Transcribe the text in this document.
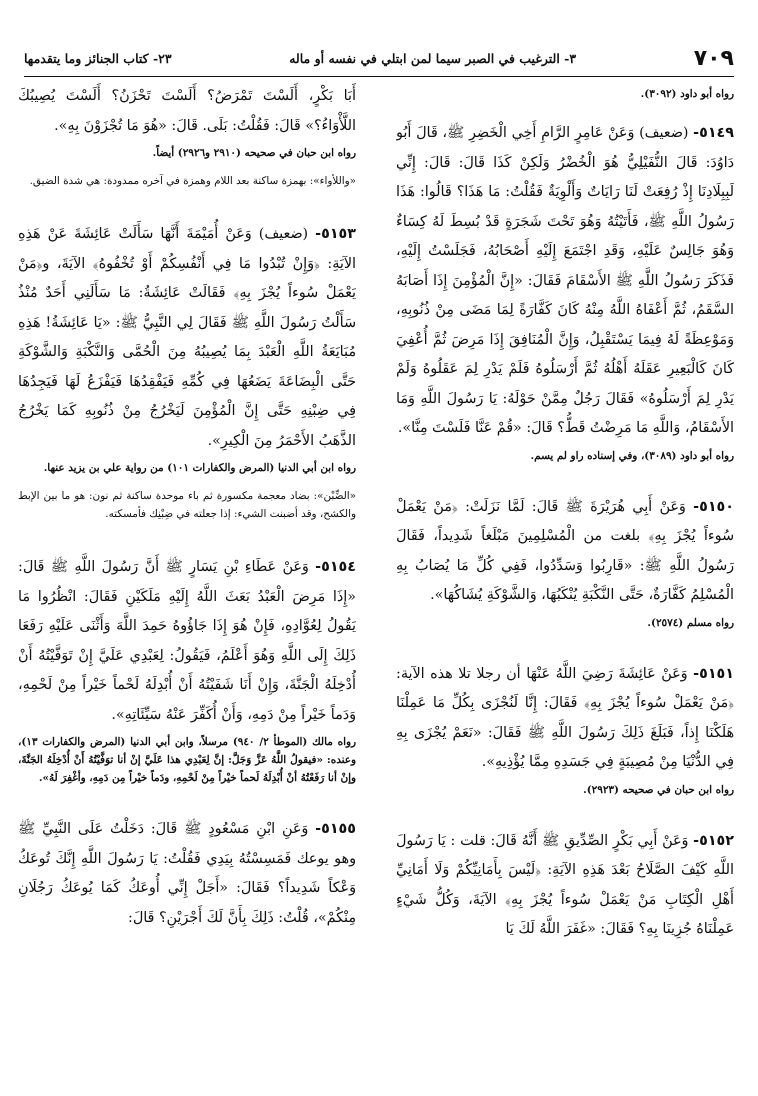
٧٠٩
٣- الترغيب في الصبر سيما لمن ابتلي في نفسه أو ماله
٢٣- كتاب الجنائز وما يتقدمها

رواه أبو داود (٣٠٩٢).

٥١٤٩- (ضعيف) وَعَنْ عَامِرٍ الرَّامِ أَخِي الْخَضِرِ ﷺ، قَالَ أَبُو دَاوُدَ: قَالَ النُّفَيْلِيُّ هُوَ الْخُضْرُ وَلَكِنْ كَذَا قَالَ: قَالَ: إِنِّي لَبِبِلَادِنَا إِذْ رُفِعَتْ لَنَا رَايَاتٌ وَأَلْوِيَةٌ فَقُلْتُ: مَا هَذَا؟ قَالُوا: هَذَا رَسُولُ اللَّهِ ﷺ، فَأَتَيْتُهُ وَهُوَ تَحْتَ شَجَرَةٍ قَدْ بُسِطَ لَهُ كِسَاءٌ وَهُوَ جَالِسٌ عَلَيْهِ، وَقَدِ اجْتَمَعَ إِلَيْهِ أَصْحَابُهُ، فَجَلَسْتُ إِلَيْهِ، فَذَكَرَ رَسُولُ اللَّهِ ﷺ الأَسْقَامَ فَقَالَ: «إِنَّ الْمُؤْمِنَ إِذَا أَصَابَهُ السَّقَمُ، ثُمَّ أَعْفَاهُ اللَّهُ مِنْهُ كَانَ كَفَّارَةً لِمَا مَضَى مِنْ ذُنُوبِهِ، وَمَوْعِظَةً لَهُ فِيمَا يَسْتَقْبِلُ، وَإِنَّ الْمُنَافِقَ إِذَا مَرِضَ ثُمَّ أُعْفِيَ كَانَ كَالْبَعِيرِ عَقَلَهُ أَهْلُهُ ثُمَّ أَرْسَلُوهُ فَلَمْ يَدْرِ لِمَ عَقَلُوهُ وَلَمْ يَدْرِ لِمَ أَرْسَلُوهُ» فَقَالَ رَجُلٌ مِمَّنْ حَوْلَهُ: يَا رَسُولَ اللَّهِ وَمَا الأَسْقَامُ، وَاللَّهِ مَا مَرِضْتُ قَطُّ؟ قَالَ: «قُمْ عَنَّا فَلَسْتَ مِنَّا».

رواه أبو داود (٣٠٨٩)، وفي إسناده راو لم يسم.

٥١٥٠- وَعَنْ أَبِي هُرَيْرَةَ ﷺ قَالَ: لَمَّا نَزَلَتْ: ﴿مَنْ يَعْمَلْ سُوءاً يُجْزَ بِهِ﴾ بلغت من الْمُسْلِمِينَ مَبْلَغاً شَدِيداً، فَقَالَ رَسُولُ اللَّهِ ﷺ: «قَارِبُوا وَسَدِّدُوا، فَفِي كُلِّ مَا يُصَابُ بِهِ الْمُسْلِمُ كَفَّارَةٌ، حَتَّى النَّكْبَةِ يُنْكَبُهَا، وَالشَّوْكَةِ يُشَاكُهَا».

رواه مسلم (٢٥٧٤).

٥١٥١- وَعَنْ عَائِشَةَ رَضِيَ اللَّهُ عَنْهَا أن رجلا تلا هذه الآية: ﴿مَنْ يَعْمَلْ سُوءاً يُجْزَ بِهِ﴾ فَقَالَ: إِنَّا لَنُجْزَى بِكُلِّ مَا عَمِلْنَا هَلَكْنَا إِذاً، فَبَلَغَ ذَلِكَ رَسُولَ اللَّهِ ﷺ فَقَالَ: «نَعَمْ يُجْزَى بِهِ فِي الدُّنْيَا مِنْ مُصِيبَةٍ فِي جَسَدِهِ مِمَّا يُؤْذِيهِ».

رواه ابن حبان في صحيحه (٢٩٢٣).

٥١٥٢- وَعَنْ أَبِي بَكْرٍ الصِّدِّيقِ ﷺ أَنَّهُ قَالَ: قلت : يَا رَسُولَ اللَّهِ كَيْفَ الصَّلَاحُ بَعْدَ هَذِهِ الآيَةِ: ﴿لَيْسَ بِأَمَانِيِّكُمْ وَلَا أَمَانِيِّ أَهْلِ الْكِتَابِ مَنْ يَعْمَلْ سُوءاً يُجْزَ بِهِ﴾ الآيَةَ، وَكُلُّ شَيْءٍ عَمِلْنَاهُ جُزِينَا بِهِ؟ فَقَالَ: «غَفَرَ اللَّهُ لَكَ يَا

أَبَا بَكْرٍ، أَلَسْتَ تَمْرَضُ؟ أَلَسْتَ تَحْزَنُ؟ أَلَسْتَ يُصِيبُكَ اللَّأْوَاءُ؟» قَالَ: فَقُلْتُ: بَلَى. قَالَ: «هُوَ مَا تُجْزَوْنَ بِهِ».

رواه ابن حبان في صحيحه (٢٩١٠ و٢٩٢٦) أيضاً.

«واللأواء»: بهمزة ساكنة بعد اللام وهمزة في آخره ممدودة: هي شدة الضيق.

٥١٥٣- (ضعيف) وَعَنْ أُمَيْمَةَ أَنَّهَا سَأَلَتْ عَائِشَةَ عَنْ هَذِهِ الآيَةِ: ﴿وَإِنْ تُبْدُوا مَا فِي أَنْفُسِكُمْ أَوْ تُخْفُوهُ﴾ الآيَةَ، و﴿مَنْ يَعْمَلْ سُوءاً يُجْزَ بِهِ﴾ فَقَالَتْ عَائِشَةُ: مَا سَأَلَنِي أَحَدٌ مُنْذُ سَأَلْتُ رَسُولَ اللَّهِ ﷺ فَقَالَ لِي النَّبِيُّ ﷺ: «يَا عَائِشَةُ! هَذِهِ مُبَايَعَةُ اللَّهِ الْعَبْدَ بِمَا يُصِيبُهُ مِنَ الْحُمَّى وَالنَّكْبَةِ وَالشَّوْكَةِ حَتَّى الْبِضَاعَةَ يَضَعُهَا فِي كُمِّهِ فَيَفْقِدُهَا فَيَفْزَعُ لَهَا فَيَجِدُهَا فِي ضِبْنِهِ حَتَّى إِنَّ الْمُؤْمِنَ لَيَخْرُجُ مِنْ ذُنُوبِهِ كَمَا يَخْرُجُ الذَّهَبُ الأَحْمَرُ مِنَ الْكِيرِ».

رواه ابن أبي الدنيا (المرض والكفارات ١٠١) من رواية علي بن يزيد عنها.

«الضِّبْن»: بضاد معجمة مكسورة ثم باء موحدة ساكنة ثم نون: هو ما بين الإبط والكشح، وقد أضبنت الشيء: إذا جعلته في ضِبْنِك فأمسكته.

٥١٥٤- وَعَنْ عَطَاءِ بْنِ يَسَارٍ ﷺ أَنَّ رَسُولَ اللَّهِ ﷺ قَالَ: «إِذَا مَرِضَ الْعَبْدُ بَعَثَ اللَّهُ إِلَيْهِ مَلَكَيْنِ فَقَالَ: انْظُرُوا مَا يَقُولُ لِعُوَّادِهِ، فَإِنْ هُوَ إِذَا جَاؤُوهُ حَمِدَ اللَّهَ وَأَثْنَى عَلَيْهِ رَفَعَا ذَلِكَ إِلَى اللَّهِ وَهُوَ أَعْلَمُ، فَيَقُولُ: لِعَبْدِي عَلَيَّ إِنْ تَوَفَّيْتُهُ أَنْ أُدْخِلَهُ الْجَنَّةَ، وَإِنْ أَنَا شَفَيْتُهُ أَنْ أُبْدِلَهُ لَحْماً خَيْراً مِنْ لَحْمِهِ، وَدَماً خَيْراً مِنْ دَمِهِ، وَأَنْ أُكَفِّرَ عَنْهُ سَيِّئَاتِهِ».

رواه مالك (الموطأ ٢/ ٩٤٠) مرسلاً، وابن أبي الدنيا (المرض والكفارات ١٣)، وعنده: «فيقولُ اللَّهُ عَزَّ وَجَلَّ: إنَّ لِعَبْدِي هذا عَلَيَّ إنْ أنا توَفَّيْتُهُ أَنْ أُدْخِلَهُ الجَنَّةَ، وإنْ أنا رَفَعْتُهُ أنْ أُبْدِلَهُ لَحماً خيْراً مِنْ لَحْمِهِ، ودَماً خيْراً مِن دَمِهِ، وأغْفِرَ لَهُ».

٥١٥٥- وَعَنِ ابْنِ مَسْعُودٍ ﷺ قَالَ: دَخَلْتُ عَلَى النَّبِيِّ ﷺ وهو يوعك فَمَسِسْتُهُ بِيَدِي فَقُلْتُ: يَا رَسُولَ اللَّهِ إِنَّكَ تُوعَكُ وَعْكاً شَدِيداً؟ فَقَالَ: «أَجَلْ إِنِّي أُوعَكُ كَمَا يُوعَكُ رَجُلَانِ مِنْكُمْ»، قُلْتُ: ذَلِكَ بِأَنَّ لَكَ أَجْرَيْنِ؟ قَالَ:
